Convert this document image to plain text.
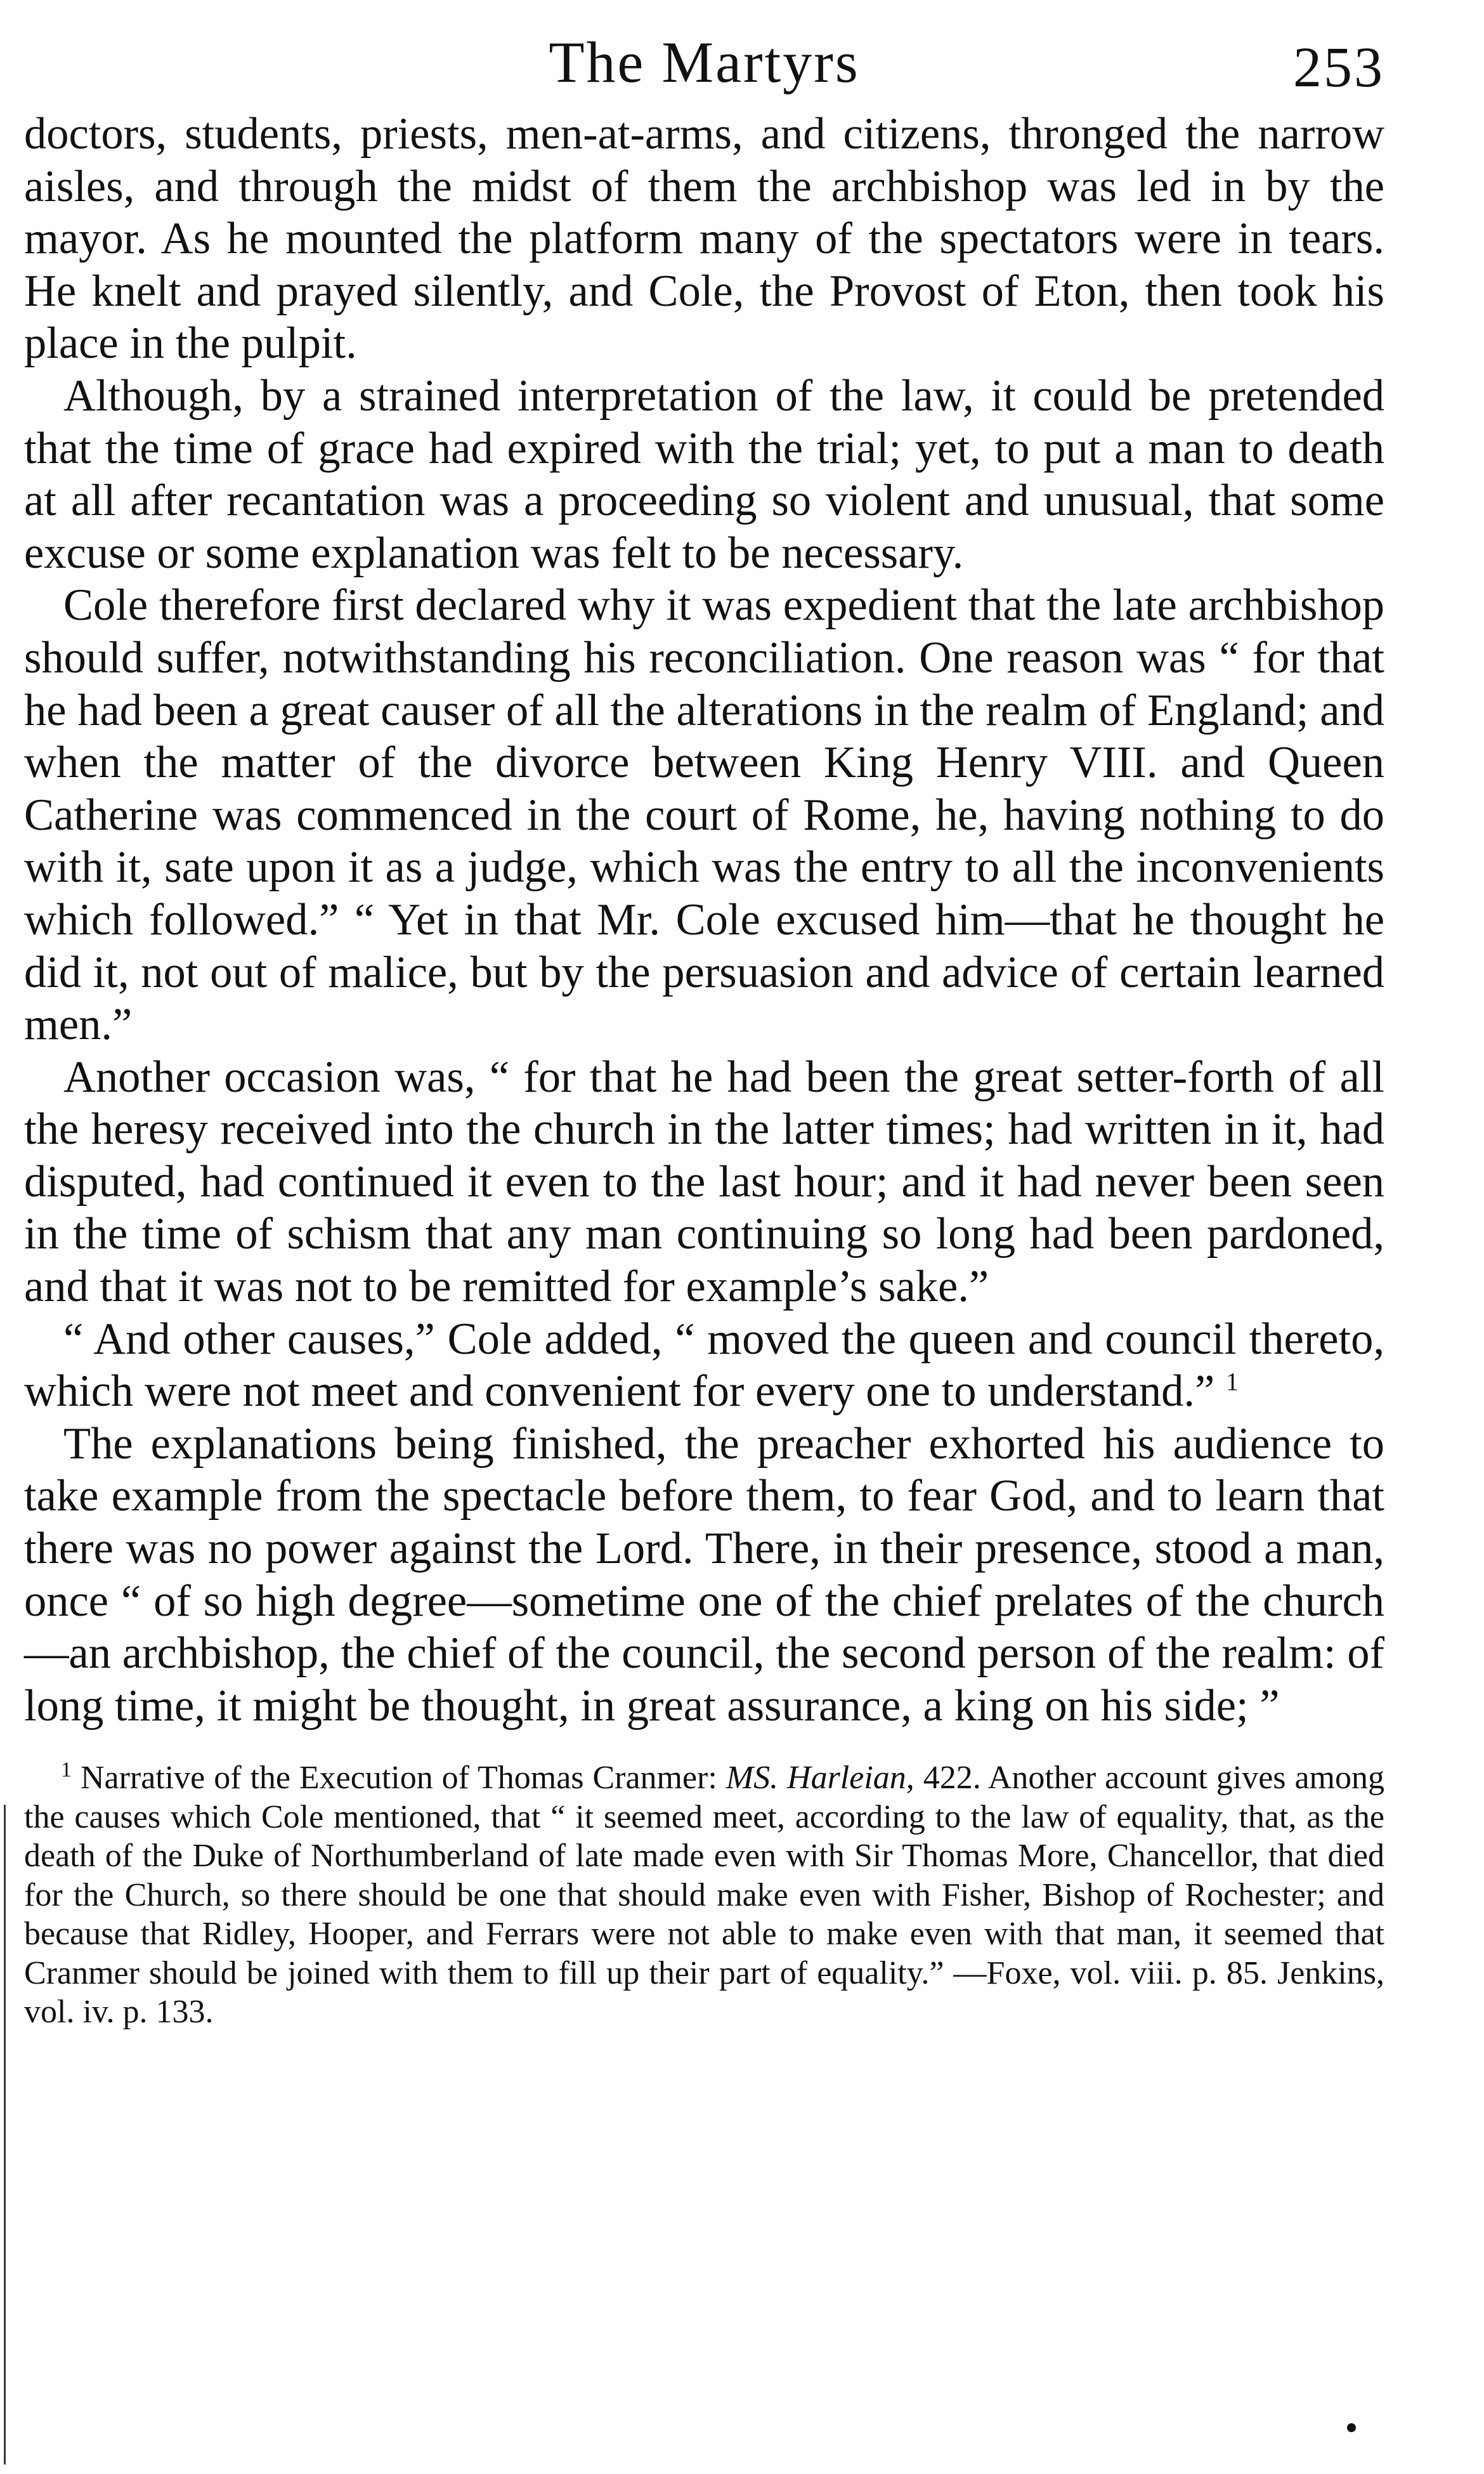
The Martyrs	253

doctors, students, priests, men-at-arms, and citizens, thronged the narrow aisles, and through the midst of them the archbishop was led in by the mayor. As he mounted the platform many of the spectators were in tears. He knelt and prayed silently, and Cole, the Provost of Eton, then took his place in the pulpit.

Although, by a strained interpretation of the law, it could be pretended that the time of grace had expired with the trial; yet, to put a man to death at all after recantation was a proceeding so violent and unusual, that some excuse or some explanation was felt to be necessary.

Cole therefore first declared why it was expedient that the late archbishop should suffer, notwithstanding his reconciliation. One reason was “ for that he had been a great causer of all the alterations in the realm of England; and when the matter of the divorce between King Henry VIII. and Queen Catherine was commenced in the court of Rome, he, having nothing to do with it, sate upon it as a judge, which was the entry to all the inconvenients which followed.” “ Yet in that Mr. Cole excused him—that he thought he did it, not out of malice, but by the persuasion and advice of certain learned men.”

Another occasion was, “ for that he had been the great setter-forth of all the heresy received into the church in the latter times; had written in it, had disputed, had continued it even to the last hour; and it had never been seen in the time of schism that any man continuing so long had been pardoned, and that it was not to be remitted for example’s sake.”

“ And other causes,” Cole added, “ moved the queen and council thereto, which were not meet and convenient for every one to understand.” $^1$

The explanations being finished, the preacher exhorted his audience to take example from the spectacle before them, to fear God, and to learn that there was no power against the Lord. There, in their presence, stood a man, once “ of so high degree—sometime one of the chief prelates of the church—an archbishop, the chief of the council, the second person of the realm: of long time, it might be thought, in great assurance, a king on his side; ”

$^1$ Narrative of the Execution of Thomas Cranmer: MS. Harleian, 422. Another account gives among the causes which Cole mentioned, that “ it seemed meet, according to the law of equality, that, as the death of the Duke of Northumberland of late made even with Sir Thomas More, Chancellor, that died for the Church, so there should be one that should make even with Fisher, Bishop of Rochester; and because that Ridley, Hooper, and Ferrars were not able to make even with that man, it seemed that Cranmer should be joined with them to fill up their part of equality.” —Foxe, vol. viii. p. 85. Jenkins, vol. iv. p. 133.
